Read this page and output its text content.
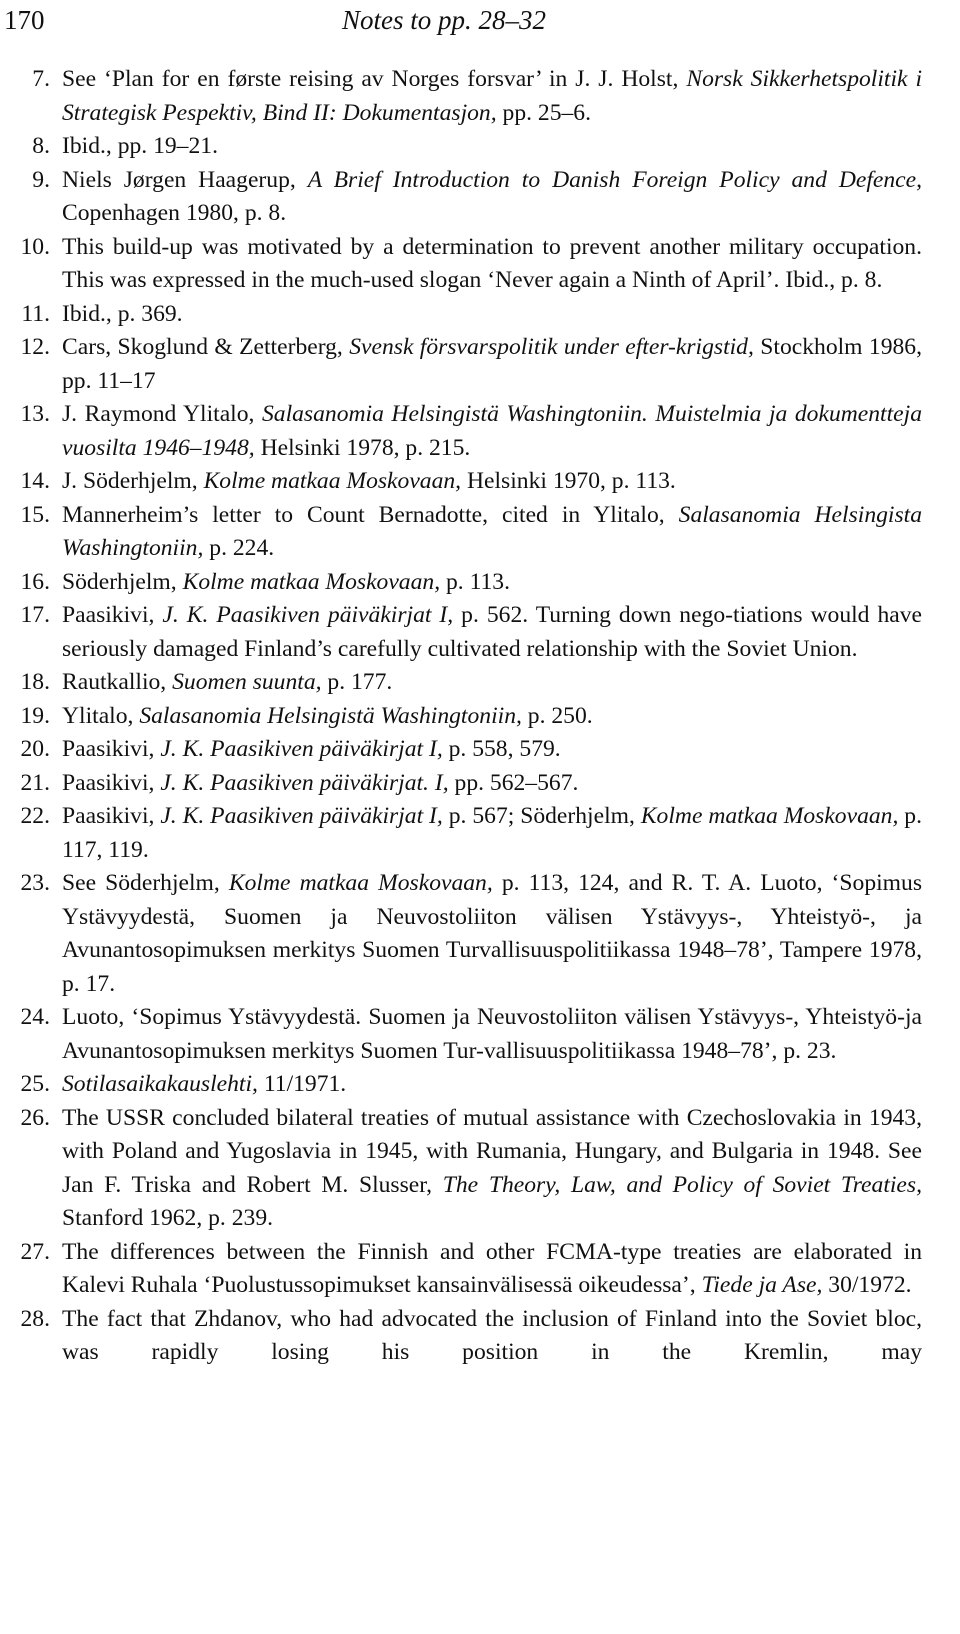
170	Notes to pp. 28–32
7. See ‘Plan for en første reising av Norges forsvar’ in J. J. Holst, Norsk Sikkerhetspolitik i Strategisk Pespektiv, Bind II: Dokumentasjon, pp. 25–6.
8. Ibid., pp. 19–21.
9. Niels Jørgen Haagerup, A Brief Introduction to Danish Foreign Policy and Defence, Copenhagen 1980, p. 8.
10. This build-up was motivated by a determination to prevent another military occupation. This was expressed in the much-used slogan ‘Never again a Ninth of April’. Ibid., p. 8.
11. Ibid., p. 369.
12. Cars, Skoglund & Zetterberg, Svensk försvarspolitik under efter-krigstid, Stockholm 1986, pp. 11–17
13. J. Raymond Ylitalo, Salasanomia Helsingistä Washingtoniin. Muistelmia ja dokumentteja vuosilta 1946–1948, Helsinki 1978, p. 215.
14. J. Söderhjelm, Kolme matkaa Moskovaan, Helsinki 1970, p. 113.
15. Mannerheim’s letter to Count Bernadotte, cited in Ylitalo, Salasanomia Helsingista Washingtoniin, p. 224.
16. Söderhjelm, Kolme matkaa Moskovaan, p. 113.
17. Paasikivi, J. K. Paasikiven päiväkirjat I, p. 562. Turning down nego-tiations would have seriously damaged Finland’s carefully cultivated relationship with the Soviet Union.
18. Rautkallio, Suomen suunta, p. 177.
19. Ylitalo, Salasanomia Helsingistä Washingtoniin, p. 250.
20. Paasikivi, J. K. Paasikiven päiväkirjat I, p. 558, 579.
21. Paasikivi, J. K. Paasikiven päiväkirjat. I, pp. 562–567.
22. Paasikivi, J. K. Paasikiven päiväkirjat I, p. 567; Söderhjelm, Kolme matkaa Moskovaan, p. 117, 119.
23. See Söderhjelm, Kolme matkaa Moskovaan, p. 113, 124, and R. T. A. Luoto, ‘Sopimus Ystävyydestä, Suomen ja Neuvostoliiton välisen Ystävyys-, Yhteistyö-, ja Avunantosopimuksen merkitys Suomen Turvallisuuspolitiikassa 1948–78’, Tampere 1978, p. 17.
24. Luoto, ‘Sopimus Ystävyydestä. Suomen ja Neuvostoliiton välisen Ystävyys-, Yhteistyö-ja Avunantosopimuksen merkitys Suomen Tur-vallisuuspolitiikassa 1948–78’, p. 23.
25. Sotilasaikakauslehti, 11/1971.
26. The USSR concluded bilateral treaties of mutual assistance with Czechoslovakia in 1943, with Poland and Yugoslavia in 1945, with Rumania, Hungary, and Bulgaria in 1948. See Jan F. Triska and Robert M. Slusser, The Theory, Law, and Policy of Soviet Treaties, Stanford 1962, p. 239.
27. The differences between the Finnish and other FCMA-type treaties are elaborated in Kalevi Ruhala ‘Puolustussopimukset kansainvälisessä oikeudessa’, Tiede ja Ase, 30/1972.
28. The fact that Zhdanov, who had advocated the inclusion of Finland into the Soviet bloc, was rapidly losing his position in the Kremlin, may
